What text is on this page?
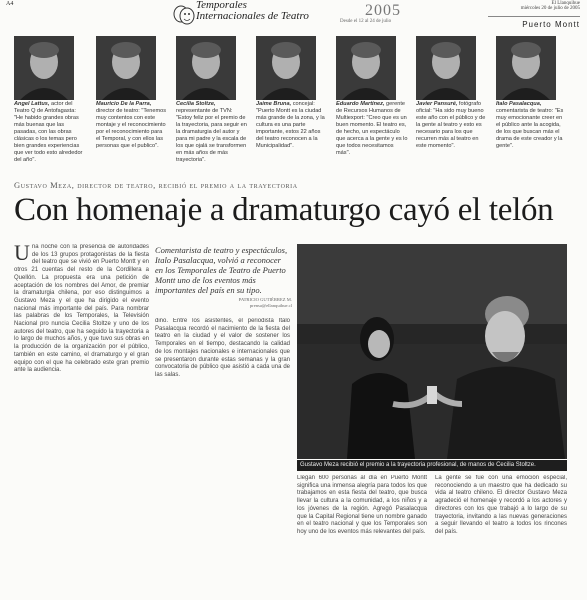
A4	Temporales
Internacionales de Teatro	2005
Desde el 12 al 24 de julio
El Llanquihue
miércoles 20 de julio de 2005
Puerto Montt
Angel Lattus, actor del Teatro Q de Antofagasta: "He habido grandes obras más buenas que las pasadas, con las obras clásicas o los temas pero bien grandes experiencias que ver todo esto alrededor del año".
Mauricio De la Parra, director de teatro: "Tenemos muy contentos con este montaje y el reconocimiento por el reconocimiento para el Temporal, y con ellos las personas que el publico".
Cecilia Stoltze, representante de TVN: "Estoy feliz por el premio de la trayectoria, para seguir en la dramaturgia del autor y para mi padre y la escala de los que ojalá se transformen en más años de más trayectoria".
Jaime Bruna, concejal: "Puerto Montt es la ciudad más grande de la zona, y la cultura es una parte importante, estos 22 años del teatro reconocen a la Municipalidad".
Eduardo Martínez, gerente de Recursos Humanos de Multiexport: "Creo que es un buen momento. El teatro es, de hecho, un espectáculo que acerca a la gente y es lo que todos necesitamos más".
Javier Pansuré, fotógrafo oficial: "Ha sido muy bueno este año con el público y de la gente al teatro y esto es necesario para los que recurren más al teatro en este momento".
Italo Pasalacqua, comentarista de teatro: "Es muy emocionante creer en el público ante la acogida, de los que buscan más el drama de este creador y la gente".
Gustavo Meza, director de teatro, recibió el premio a la trayectoria
Con homenaje a dramaturgo cayó el telón
Una noche con la presencia de autoridades de los 13 grupos protagonistas de la fiesta del teatro que se vivió en Puerto Montt y en otros 21 cuentas del resto de la Cordillera a Quellón. La propuesta era una petición de aceptación de los nombres del Amor, de premiar la dramaturgia chilena, por eso distinguimos a Gustavo Meza y el que ha dirigido el evento nacional más importante del país. Para nombrar las palabras de los Temporales, la Televisión Nacional pro nuncia Cecilia Stoltze y uno de los autores del teatro, que ha seguido la trayectoria a lo largo de muchos años, y que tuvo sus obras en la producción de la organización por el público, también en este camino, el dramaturgo y el gran equipo con el que ha celebrado este gran premio ante la audiencia.
Comentarista de teatro y espectáculos, Italo Pasalacqua, volvió a reconocer en los Temporales de Teatro de Puerto Montt uno de los eventos más importantes del país en su tipo.
PATRICIO GUTIÉRREZ M. prensa@ellanquihue.cl
dino. Entre los asistentes, el periodista Italo Pasalacqua recordó el nacimiento de la fiesta del teatro en la ciudad y el valor de sostener los Temporales en el tiempo, destacando la calidad de los montajes nacionales e internacionales que se presentaron durante estas semanas y la gran convocatoria de público que asistió a cada una de las salas.
Gustavo Meza recibió el premio a la trayectoria profesional, de manos de Cecilia Stoltze.
Llegan 600 personas al día en Puerto Montt significa una inmensa alegría para todos los que trabajamos en esta fiesta del teatro, que busca llevar la cultura a la comunidad, a los niños y a los jóvenes de la región. Agregó Pasalacqua que la Capital Regional tiene un nombre ganado en el teatro nacional y que los Temporales son hoy uno de los eventos más relevantes del país.
La gente se fue con una emoción especial, reconociendo a un maestro que ha dedicado su vida al teatro chileno. El director Gustavo Meza agradeció el homenaje y recordó a los actores y directores con los que trabajó a lo largo de su trayectoria, invitando a las nuevas generaciones a seguir llevando el teatro a todos los rincones del país.
